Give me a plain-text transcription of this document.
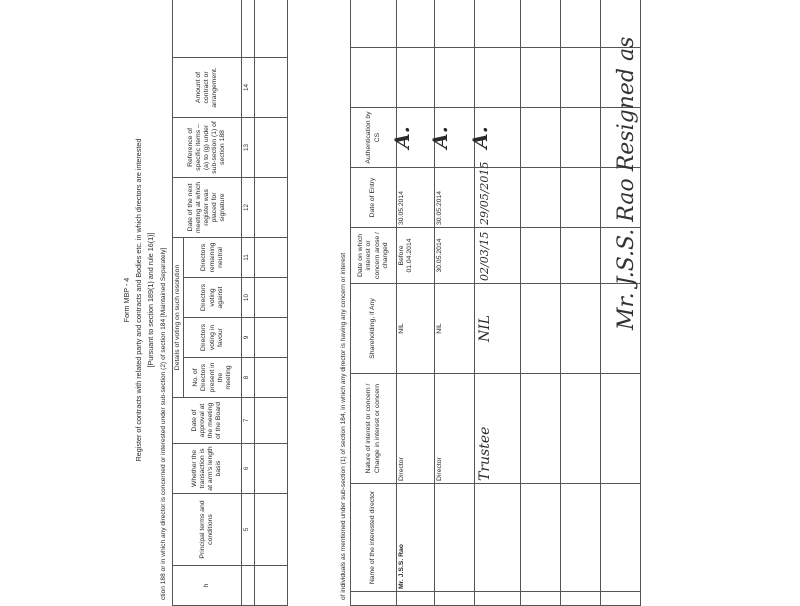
Form MBP - 4 Register of contracts with related party and contracts and Bodies etc. in which directors are interested [Pursuant to section 189(1) and rule 16(1)] ction 188 or in which any director is concerned or interested under sub-section (2) of section 184 [Maintained Separately]	h	Principal terms and conditions	Whether the transaction is at arm's length basis	Date of approval at the meeting of the Board	Details of voting on such resolution				Date of the next meeting at which register was placed for signature	Reference of specific items – (a) to (g) under sub-section (1) of section 188	Amount of contract or arrangement.	
				No. of Directors present in the meeting	Directors voting in favour	Directors voting against	Directors remaining neutral				
	5	6	7	8	9	10	11	12	13	14	

of individuals as mentioned under sub-section (1) of section 184, in which any director is having any concern or interest
		Name of the interested director	Nature of interest or concern / Change in interest or concern	Shareholding, if Any	Date on which interest or concern arose / changed	Date of Entry	Authentication by CS		
	Mr. J.S.S. Rao	Director	NIL	Before 01.04.2014	30.05.2014	A.		
		Director	NIL	30.05.2014	30.05.2014	A.		
		Trustee	NIL	02/03/15	29/05/2015	A.		

									Mr. J.S.S. Rao Resigned as
